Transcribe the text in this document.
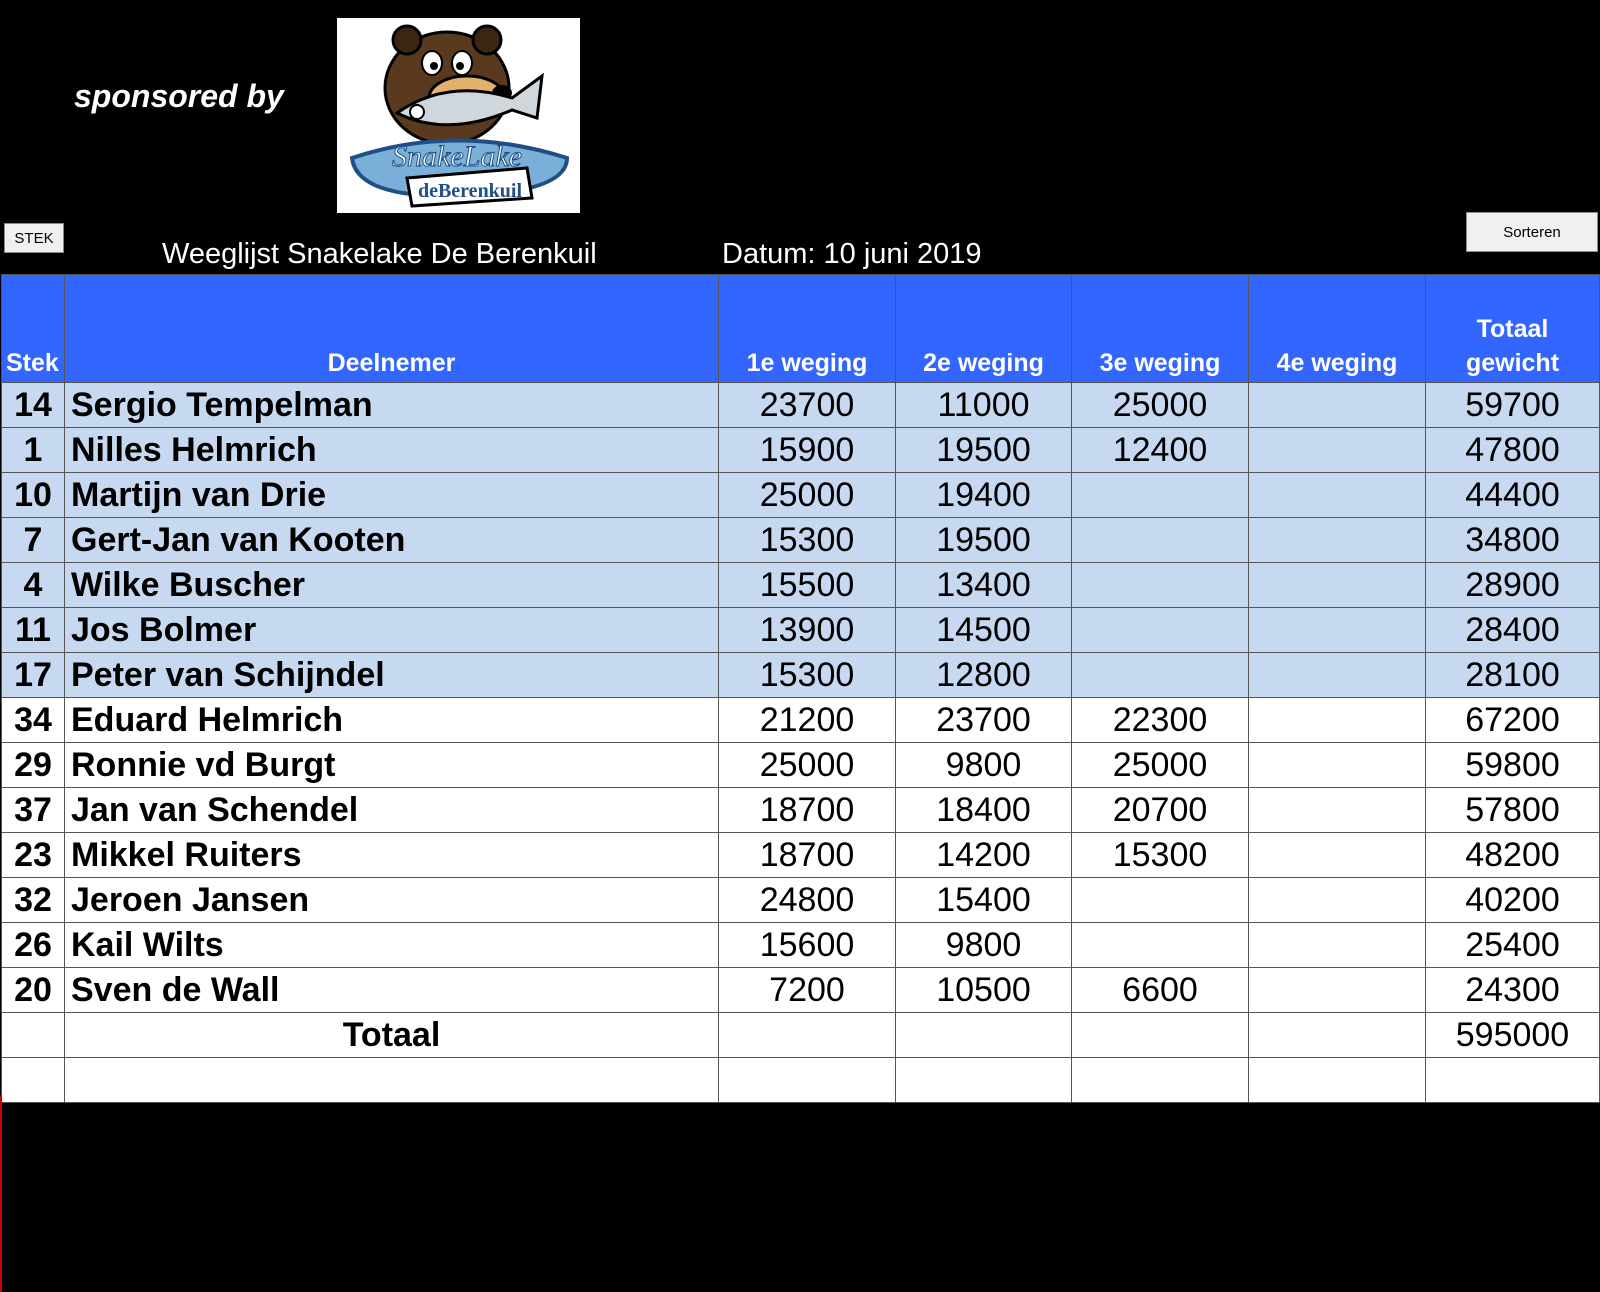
sponsored by
SnakeLake
deBerenkuil
STEK	Sorteren
Weeglijst Snakelake De Berenkuil	Datum: 10 juni 2019
Stek	Deelnemer	1e weging	2e weging	3e weging	4e weging	Totaal
gewicht
14	Sergio Tempelman	23700	11000	25000		59700
1	Nilles Helmrich	15900	19500	12400		47800
10	Martijn van Drie	25000	19400			44400
7	Gert-Jan van Kooten	15300	19500			34800
4	Wilke Buscher	15500	13400			28900
11	Jos Bolmer	13900	14500			28400
17	Peter van Schijndel	15300	12800			28100
34	Eduard Helmrich	21200	23700	22300		67200
29	Ronnie vd Burgt	25000	9800	25000		59800
37	Jan van Schendel	18700	18400	20700		57800
23	Mikkel Ruiters	18700	14200	15300		48200
32	Jeroen Jansen	24800	15400			40200
26	Kail Wilts	15600	9800			25400
20	Sven de Wall	7200	10500	6600		24300
	Totaal					595000
